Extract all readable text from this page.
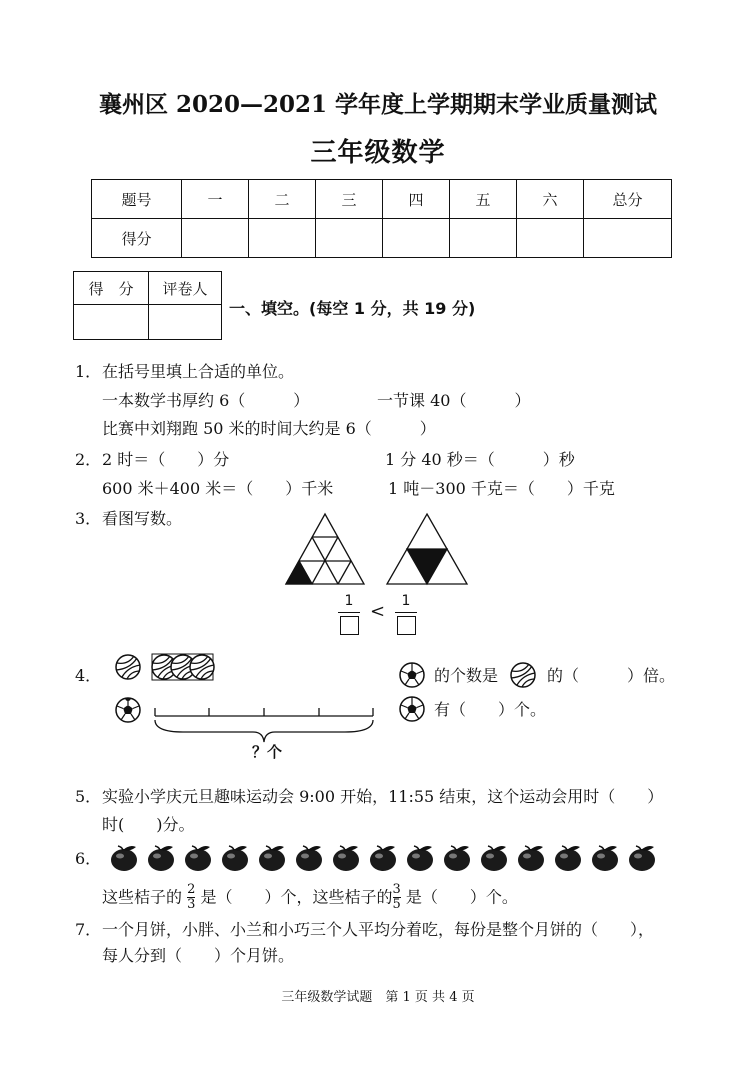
襄州区 2020—2021 学年度上学期期末学业质量测试
三年级数学
题号	一	二	三	四	五	六	总分
得分							
得　分	评卷人

一、填空。(每空 1 分，共 19 分)
1． 在括号里填上合适的单位。
一本数学书厚约 6（　　　）	一节课 40（　　　）
比赛中刘翔跑 50 米的时间大约是 6（　　　）
2． 2 时＝（　　）分	1 分 40 秒＝（　　　）秒
600 米＋400 米＝（　　）千米	1 吨－300 千克＝（　　）千克
3． 看图写数。
1 <	1
4．
？个
的个数是	的（　　　）倍。
有（　　）个。
5． 实验小学庆元旦趣味运动会 9:00 开始，11:55 结束，这个运动会用时（　　）
时(　　)分。
6．
这些桔子的 $\frac{2}{3}$ 是（　　）个，这些桔子的 $\frac{3}{5}$ 是（　　）个。
7． 一个月饼，小胖、小兰和小巧三个人平均分着吃，每份是整个月饼的（　　），
每人分到（　　）个月饼。
三年级数学试题　第 1 页 共 4 页
